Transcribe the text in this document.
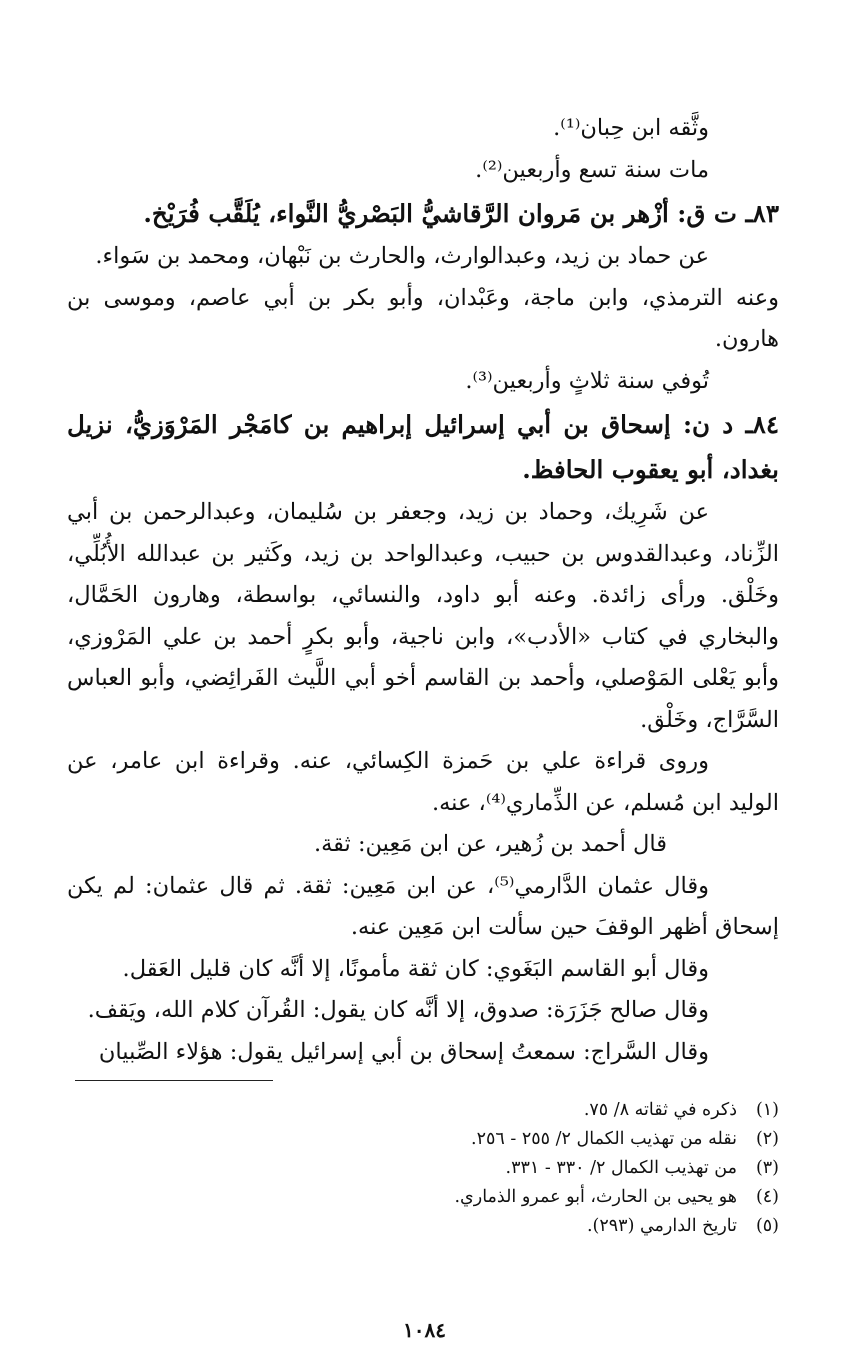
وثَّقه ابن حِبان⁽¹⁾.

مات سنة تسع وأربعين⁽²⁾.

٨٣ـ ت ق: أزْهر بن مَروان الرَّقاشيُّ البَصْريُّ النَّواء، يُلَقَّب فُرَيْخ.

عن حماد بن زيد، وعبدالوارث، والحارث بن نَبْهان، ومحمد بن سَواء.

وعنه الترمذي، وابن ماجة، وعَبْدان، وأبو بكر بن أبي عاصم، وموسى بن هارون.

تُوفي سنة ثلاثٍ وأربعين⁽³⁾.

٨٤ـ د ن: إسحاق بن أبي إسرائيل إبراهيم بن كامَجْر المَرْوَزيُّ، نزيل بغداد، أبو يعقوب الحافظ.

عن شَرِيك، وحماد بن زيد، وجعفر بن سُليمان، وعبدالرحمن بن أبي الزِّناد، وعبدالقدوس بن حبيب، وعبدالواحد بن زيد، وكَثير بن عبدالله الأُبُلِّي، وخَلْق. ورأى زائدة. وعنه أبو داود، والنسائي، بواسطة، وهارون الحَمَّال، والبخاري في كتاب «الأدب»، وابن ناجية، وأبو بكرٍ أحمد بن علي المَرْوزي، وأبو يَعْلى المَوْصلي، وأحمد بن القاسم أخو أبي اللَّيث الفَرائِضي، وأبو العباس السَّرَّاج، وخَلْق.

وروى قراءة علي بن حَمزة الكِسائي، عنه. وقراءة ابن عامر، عن الوليد ابن مُسلم، عن الذِّماري⁽⁴⁾، عنه.

قال أحمد بن زُهير، عن ابن مَعِين: ثقة.

وقال عثمان الدَّارمي⁽⁵⁾، عن ابن مَعِين: ثقة. ثم قال عثمان: لم يكن إسحاق أظهر الوقفَ حين سألت ابن مَعِين عنه.

وقال أبو القاسم البَغَوي: كان ثقة مأمونًا، إلا أنَّه كان قليل العَقل.

وقال صالح جَزَرَة: صدوق، إلا أنَّه كان يقول: القُرآن كلام الله، ويَقف.

وقال السَّراج: سمعتُ إسحاق بن أبي إسرائيل يقول: هؤلاء الصِّبيان

(١)ذكره في ثقاته ٨/ ٧٥.

(٢)نقله من تهذيب الكمال ٢/ ٢٥٥ - ٢٥٦.

(٣)من تهذيب الكمال ٢/ ٣٣٠ - ٣٣١.

(٤)هو يحيى بن الحارث، أبو عمرو الذماري.

(٥)تاريخ الدارمي (٢٩٣).

١٠٨٤
